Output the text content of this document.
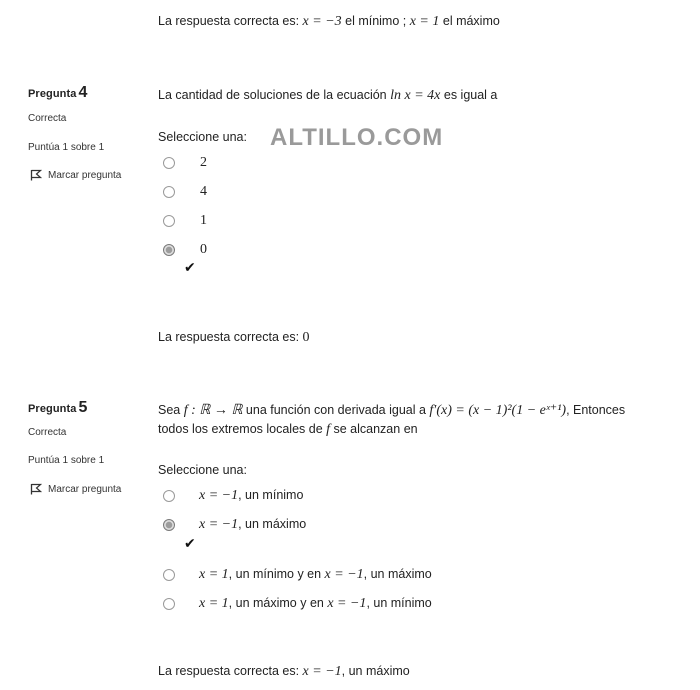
La respuesta correcta es: x = −3 el mínimo ; x = 1 el máximo
Pregunta 4
Correcta
Puntúa 1 sobre 1
Marcar pregunta
La cantidad de soluciones de la ecuación ln x = 4x es igual a
Seleccione una: ALTILLO.COM
2
4
1
0
✔
La respuesta correcta es: 0
Pregunta 5
Correcta
Puntúa 1 sobre 1
Marcar pregunta
Sea f : ℝ → ℝ una función con derivada igual a f′(x) = (x − 1)²(1 − eˣ⁺¹), Entonces
todos los extremos locales de f se alcanzan en
Seleccione una:
x = −1, un mínimo
x = −1, un máximo
✔
x = 1, un mínimo y en x = −1, un máximo
x = 1, un máximo y en x = −1, un mínimo
La respuesta correcta es: x = −1, un máximo
